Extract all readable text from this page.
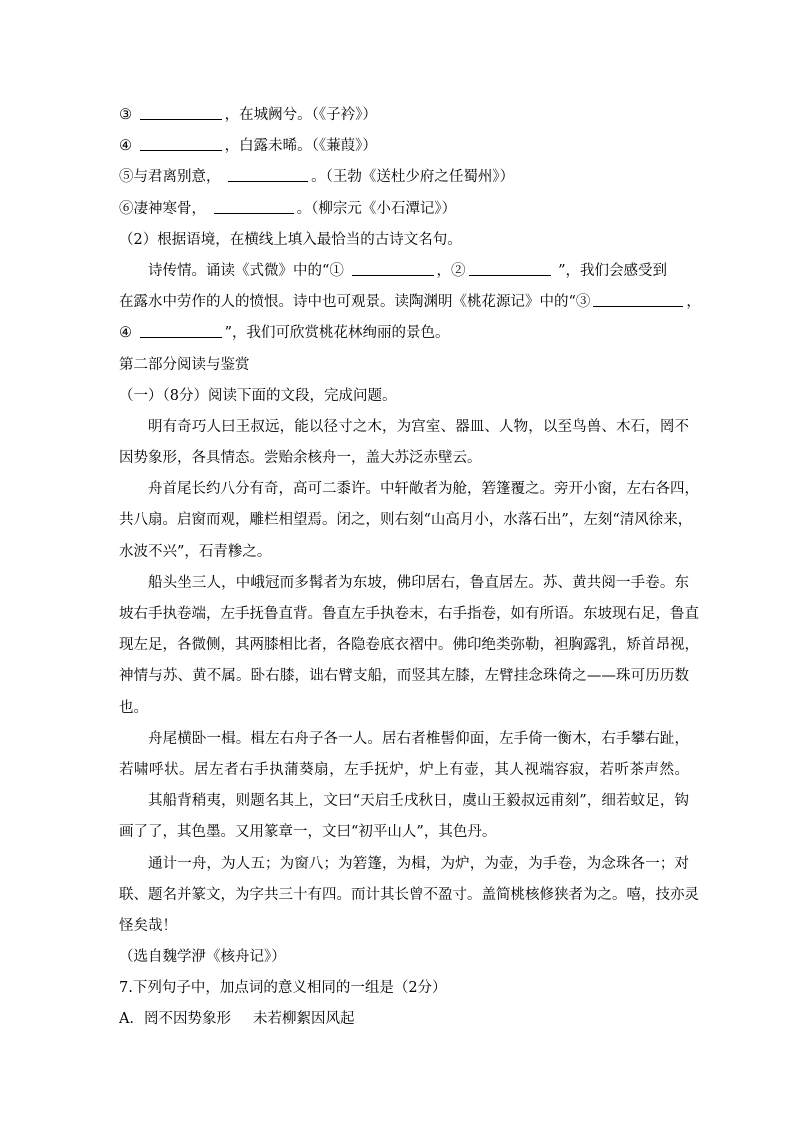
③	，在城阙兮。（《子衿》）
④	，白露未晞。（《蒹葭》）
⑤与君离别意，	。（王勃《送杜少府之任蜀州》）
⑥凄神寒骨，	。（柳宗元《小石潭记》）
（2）根据语境，在横线上填入最恰当的古诗文名句。
诗传情。诵读《式微》中的“①	，②	”，我们会感受到
在露水中劳作的人的愤恨。诗中也可观景。读陶渊明《桃花源记》中的“③	，
④	”，我们可欣赏桃花林绚丽的景色。
第二部分阅读与鉴赏
（一）（8分）阅读下面的文段，完成问题。
明有奇巧人曰王叔远，能以径寸之木，为宫室、器皿、人物，以至鸟兽、木石，罔不
因势象形，各具情态。尝贻余核舟一，盖大苏泛赤壁云。
舟首尾长约八分有奇，高可二黍许。中轩敞者为舱，箬篷覆之。旁开小窗，左右各四，
共八扇。启窗而观，雕栏相望焉。闭之，则右刻“山高月小，水落石出”，左刻“清风徐来，
水波不兴”，石青糁之。
船头坐三人，中峨冠而多髯者为东坡，佛印居右，鲁直居左。苏、黄共阅一手卷。东
坡右手执卷端，左手抚鲁直背。鲁直左手执卷末，右手指卷，如有所语。东坡现右足，鲁直
现左足，各微侧，其两膝相比者，各隐卷底衣褶中。佛印绝类弥勒，袒胸露乳，矫首昂视，
神情与苏、黄不属。卧右膝，诎右臂支船，而竖其左膝，左臂挂念珠倚之——珠可历历数
也。
舟尾横卧一楫。楫左右舟子各一人。居右者椎髻仰面，左手倚一衡木，右手攀右趾，
若啸呼状。居左者右手执蒲葵扇，左手抚炉，炉上有壶，其人视端容寂，若听茶声然。
其船背稍夷，则题名其上，文曰“天启壬戌秋日，虞山王毅叔远甫刻”，细若蚊足，钩
画了了，其色墨。又用篆章一，文曰“初平山人”，其色丹。
通计一舟，为人五；为窗八；为箬篷，为楫，为炉，为壶，为手卷，为念珠各一；对
联、题名并篆文，为字共三十有四。而计其长曾不盈寸。盖简桃核修狭者为之。嘻，技亦灵
怪矣哉！
（选自魏学洢《核舟记》）
7.下列句子中，加点词的意义相同的一组是（2分）
A．罔不因势象形 未若柳絮因风起
